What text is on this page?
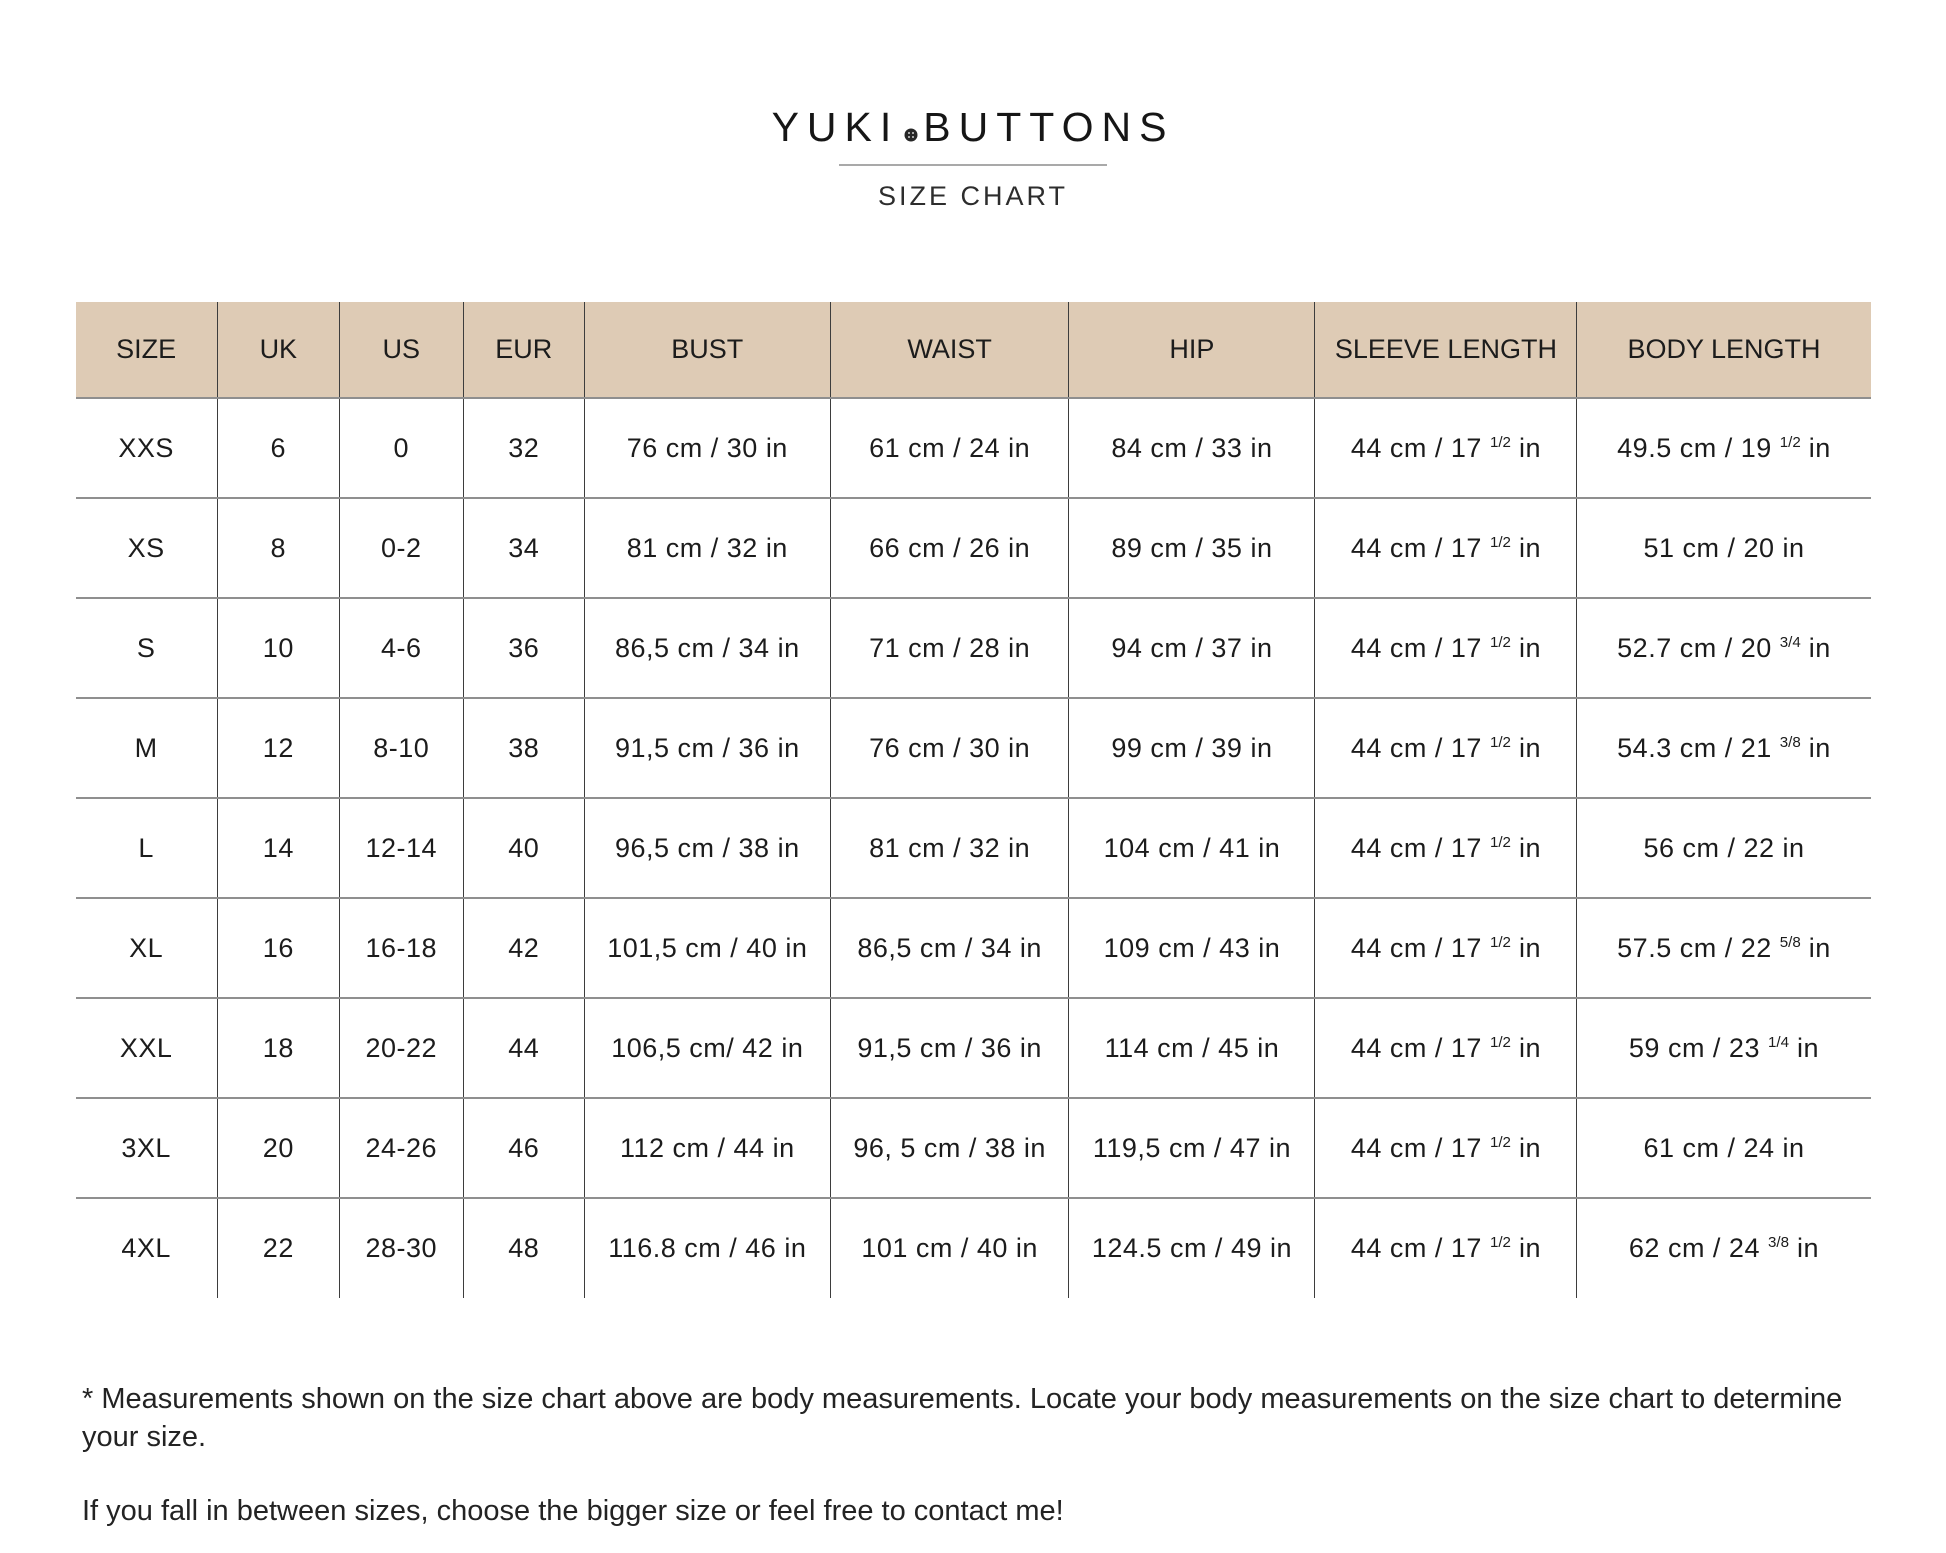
YUKI BUTTONS
SIZE CHART
SIZE	UK	US	EUR	BUST	WAIST	HIP	SLEEVE LENGTH	BODY LENGTH
XXS	6	0	32	76 cm / 30 in	61 cm / 24 in	84 cm / 33 in	44 cm / 17 $^{1/2}$ in	49.5 cm / 19 $^{1/2}$ in
XS	8	0-2	34	81 cm / 32 in	66 cm / 26 in	89 cm / 35 in	44 cm / 17 $^{1/2}$ in	51 cm / 20 in
S	10	4-6	36	86,5 cm / 34 in	71 cm / 28 in	94 cm / 37 in	44 cm / 17 $^{1/2}$ in	52.7 cm / 20 $^{3/4}$ in
M	12	8-10	38	91,5 cm / 36 in	76 cm / 30 in	99 cm / 39 in	44 cm / 17 $^{1/2}$ in	54.3 cm / 21 $^{3/8}$ in
L	14	12-14	40	96,5 cm / 38 in	81 cm / 32 in	104 cm / 41 in	44 cm / 17 $^{1/2}$ in	56 cm / 22 in
XL	16	16-18	42	101,5 cm / 40 in	86,5 cm / 34 in	109 cm / 43 in	44 cm / 17 $^{1/2}$ in	57.5 cm / 22 $^{5/8}$ in
XXL	18	20-22	44	106,5 cm/ 42 in	91,5 cm / 36 in	114 cm / 45 in	44 cm / 17 $^{1/2}$ in	59 cm / 23 $^{1/4}$ in
3XL	20	24-26	46	112 cm / 44 in	96, 5 cm / 38 in	119,5 cm / 47 in	44 cm / 17 $^{1/2}$ in	61 cm / 24 in
4XL	22	28-30	48	116.8 cm / 46 in	101 cm / 40 in	124.5 cm / 49 in	44 cm / 17 $^{1/2}$ in	62 cm / 24 $^{3/8}$ in

* Measurements shown on the size chart above are body measurements. Locate your body measurements on the size chart to determine your size.

If you fall in between sizes, choose the bigger size or feel free to contact me!
